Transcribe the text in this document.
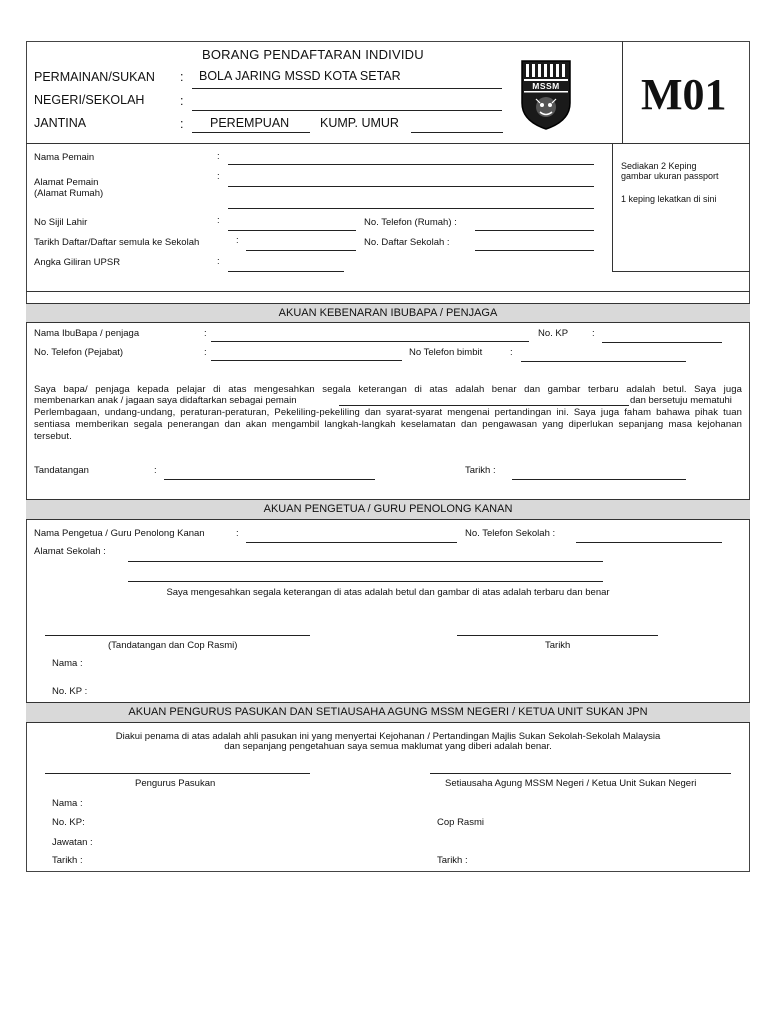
BORANG PENDAFTARAN INDIVIDU
PERMAINAN/SUKAN : BOLA JARING MSSD KOTA SETAR
NEGERI/SEKOLAH	:
JANTINA	: PEREMPUAN KUMP. UMUR
MSSM M01
Nama Pemain	:
Alamat Pemain
(Alamat Rumah)
:
No Sijil Lahir	:	No. Telefon (Rumah) :
Tarikh Daftar/Daftar semula ke Sekolah	:	No. Daftar Sekolah :
Angka Giliran UPSR	:
Sediakan 2 Keping
gambar ukuran passport
1 keping lekatkan di sini
AKUAN KEBENARAN IBUBAPA / PENJAGA
Nama IbuBapa / penjaga	:	No. KP	:
No. Telefon (Pejabat)	:	No Telefon bimbit	:
Saya bapa/ penjaga kepada pelajar di atas mengesahkan segala keterangan di atas adalah benar dan gambar terbaru adalah betul. Saya juga
membenarkan anak / jagaan saya didaftarkan sebagai pemain	dan bersetuju mematuhi
Perlembagaan, undang-undang, peraturan-peraturan, Pekeliling-pekeliling dan syarat-syarat mengenai pertandingan ini. Saya juga faham bahawa pihak tuan sentiasa memberikan segala penerangan dan akan mengambil langkah-langkah keselamatan dan pengawasan yang diperlukan sepanjang masa kejohanan tersebut.
Tandatangan	:	Tarikh :
AKUAN PENGETUA / GURU PENOLONG KANAN
Nama Pengetua / Guru Penolong Kanan	:	No. Telefon Sekolah :
Alamat Sekolah :
Saya mengesahkan segala keterangan di atas adalah betul dan gambar di atas adalah terbaru dan benar
(Tandatangan dan Cop Rasmi)	Tarikh
Nama :
No. KP :
AKUAN PENGURUS PASUKAN DAN SETIAUSAHA AGUNG MSSM NEGERI / KETUA UNIT SUKAN JPN
Diakui penama di atas adalah ahli pasukan ini yang menyertai Kejohanan / Pertandingan Majlis Sukan Sekolah-Sekolah Malaysia
dan sepanjang pengetahuan saya semua maklumat yang diberi adalah benar.
Pengurus Pasukan	Setiausaha Agung MSSM Negeri / Ketua Unit Sukan Negeri
Nama :
No. KP:	Cop Rasmi
Jawatan :
Tarikh :	Tarikh :
